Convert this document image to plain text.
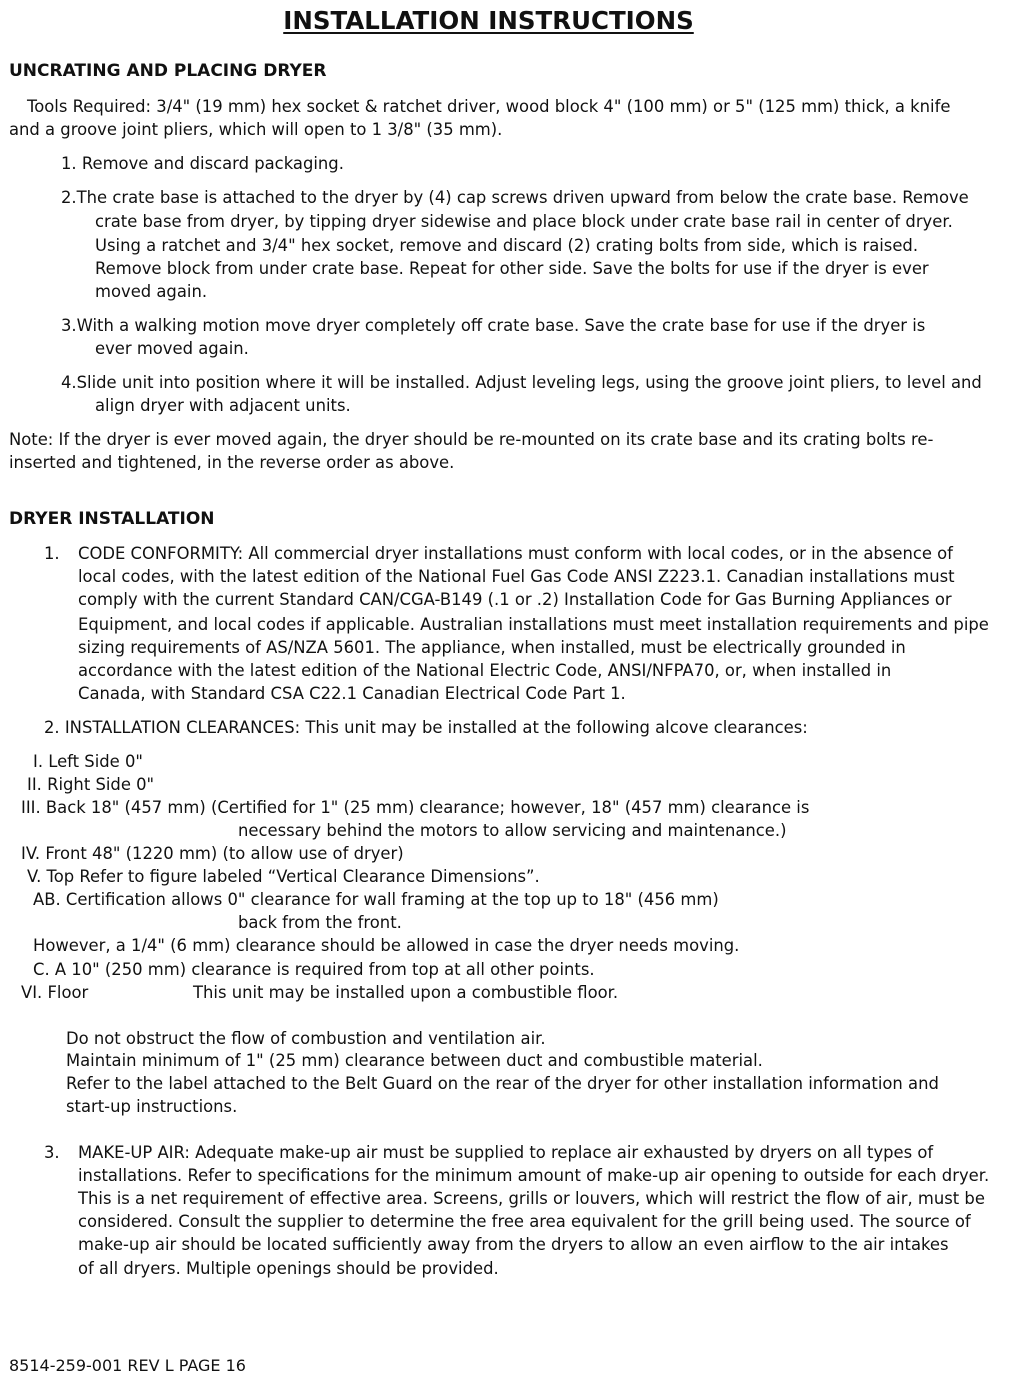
INSTALLATION INSTRUCTIONS
UNCRATING AND PLACING DRYER
Tools Required: 3/4" (19 mm) hex socket & ratchet driver, wood block 4" (100 mm) or 5" (125 mm) thick, a knife
and a groove joint pliers, which will open to 1 3/8" (35 mm).
1. Remove and discard packaging.
2.The crate base is attached to the dryer by (4) cap screws driven upward from below the crate base. Remove
crate base from dryer, by tipping dryer sidewise and place block under crate base rail in center of dryer.
Using a ratchet and 3/4" hex socket, remove and discard (2) crating bolts from side, which is raised.
Remove block from under crate base. Repeat for other side. Save the bolts for use if the dryer is ever
moved again.
3.With a walking motion move dryer completely off crate base. Save the crate base for use if the dryer is
ever moved again.
4.Slide unit into position where it will be installed. Adjust leveling legs, using the groove joint pliers, to level and
align dryer with adjacent units.
Note: If the dryer is ever moved again, the dryer should be re-mounted on its crate base and its crating bolts re-
inserted and tightened, in the reverse order as above.
DRYER INSTALLATION
1. CODE CONFORMITY: All commercial dryer installations must conform with local codes, or in the absence of
local codes, with the latest edition of the National Fuel Gas Code ANSI Z223.1. Canadian installations must
comply with the current Standard CAN/CGA-B149 (.1 or .2) Installation Code for Gas Burning Appliances or
Equipment, and local codes if applicable. Australian installations must meet installation requirements and pipe
sizing requirements of AS/NZA 5601. The appliance, when installed, must be electrically grounded in
accordance with the latest edition of the National Electric Code, ANSI/NFPA70, or, when installed in
Canada, with Standard CSA C22.1 Canadian Electrical Code Part 1.
2. INSTALLATION CLEARANCES: This unit may be installed at the following alcove clearances:
I. Left Side 0"
II. Right Side 0"
III. Back 18" (457 mm) (Certified for 1" (25 mm) clearance; however, 18" (457 mm) clearance is
necessary behind the motors to allow servicing and maintenance.)
IV. Front 48" (1220 mm) (to allow use of dryer)
V. Top Refer to figure labeled “Vertical Clearance Dimensions”.
AB. Certification allows 0" clearance for wall framing at the top up to 18" (456 mm)
back from the front.
However, a 1/4" (6 mm) clearance should be allowed in case the dryer needs moving.
C. A 10" (250 mm) clearance is required from top at all other points.
VI. Floor	This unit may be installed upon a combustible floor.
Do not obstruct the flow of combustion and ventilation air.
Maintain minimum of 1" (25 mm) clearance between duct and combustible material.
Refer to the label attached to the Belt Guard on the rear of the dryer for other installation information and
start-up instructions.
3. MAKE-UP AIR: Adequate make-up air must be supplied to replace air exhausted by dryers on all types of
installations. Refer to specifications for the minimum amount of make-up air opening to outside for each dryer.
This is a net requirement of effective area. Screens, grills or louvers, which will restrict the flow of air, must be
considered. Consult the supplier to determine the free area equivalent for the grill being used. The source of
make-up air should be located sufficiently away from the dryers to allow an even airflow to the air intakes
of all dryers. Multiple openings should be provided.
8514-259-001 REV L PAGE 16
